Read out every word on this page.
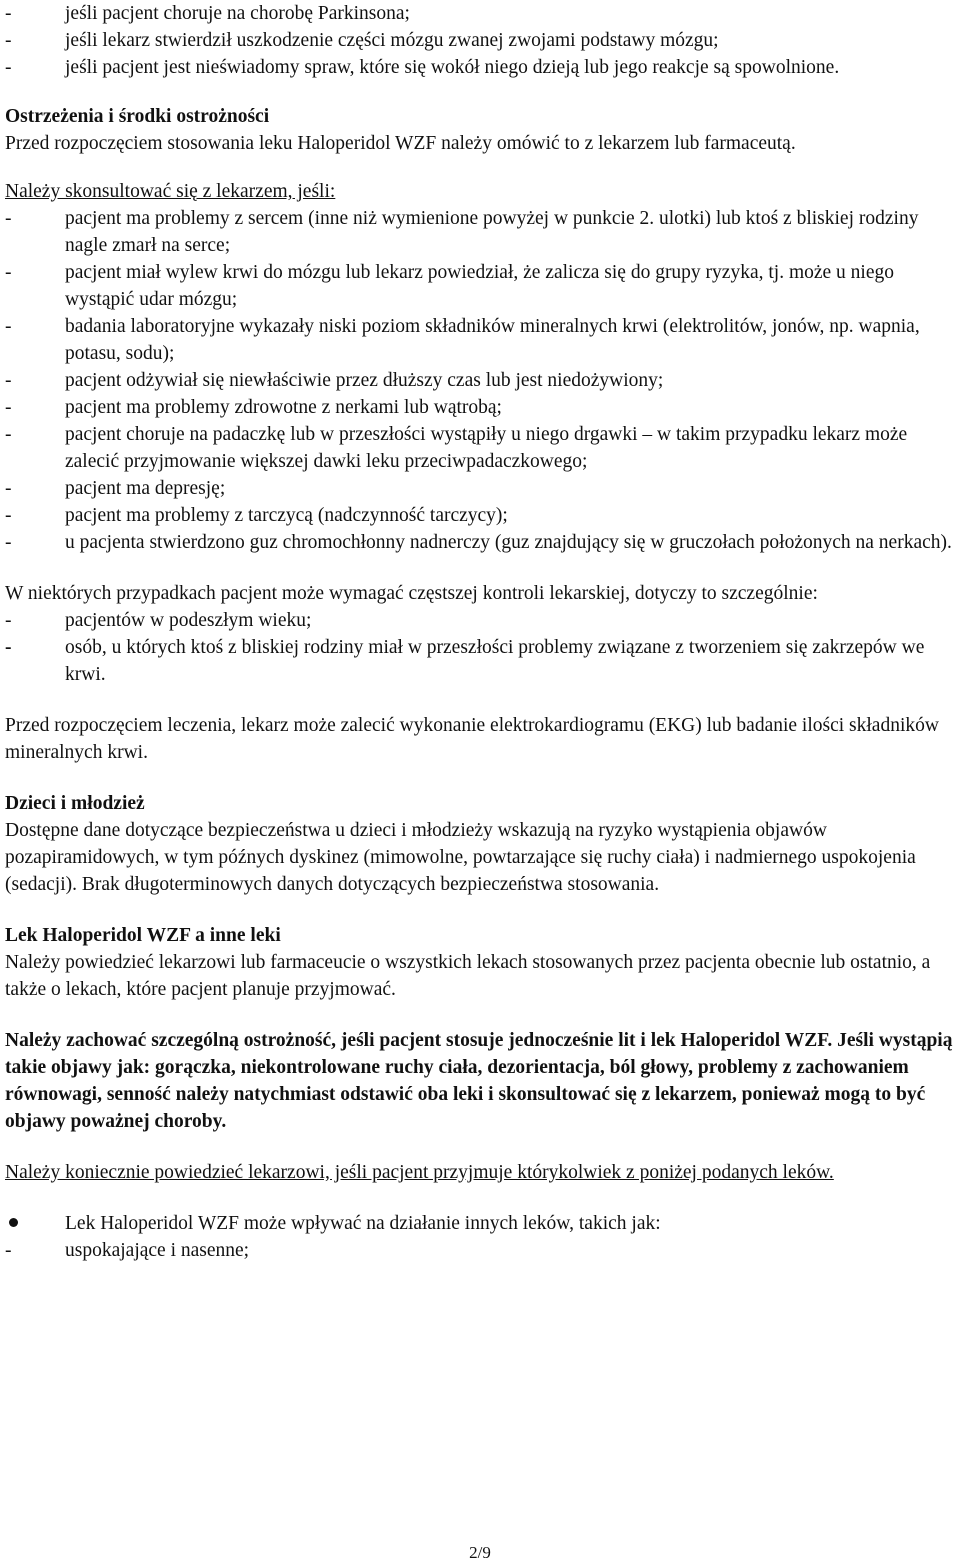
-	jeśli pacjent choruje na chorobę Parkinsona;
-	jeśli lekarz stwierdził uszkodzenie części mózgu zwanej zwojami podstawy mózgu;
-	jeśli pacjent jest nieświadomy spraw, które się wokół niego dzieją lub jego reakcje są spowolnione.
Ostrzeżenia i środki ostrożności
Przed rozpoczęciem stosowania leku Haloperidol WZF należy omówić to z lekarzem lub farmaceutą.
Należy skonsultować się z lekarzem, jeśli:
-	pacjent ma problemy z sercem (inne niż wymienione powyżej w punkcie 2. ulotki) lub ktoś z bliskiej rodziny nagle zmarł na serce;
-	pacjent miał wylew krwi do mózgu lub lekarz powiedział, że zalicza się do grupy ryzyka, tj. może u niego wystąpić udar mózgu;
-	badania laboratoryjne wykazały niski poziom składników mineralnych krwi (elektrolitów, jonów, np. wapnia, potasu, sodu);
-	pacjent odżywiał się niewłaściwie przez dłuższy czas lub jest niedożywiony;
-	pacjent ma problemy zdrowotne z nerkami lub wątrobą;
-	pacjent choruje na padaczkę lub w przeszłości wystąpiły u niego drgawki – w takim przypadku lekarz może zalecić przyjmowanie większej dawki leku przeciwpadaczkowego;
-	pacjent ma depresję;
-	pacjent ma problemy z tarczycą (nadczynność tarczycy);
-	u pacjenta stwierdzono guz chromochłonny nadnerczy (guz znajdujący się w gruczołach położonych na nerkach).
W niektórych przypadkach pacjent może wymagać częstszej kontroli lekarskiej, dotyczy to szczególnie:
-	pacjentów w podeszłym wieku;
-	osób, u których ktoś z bliskiej rodziny miał w przeszłości problemy związane z tworzeniem się zakrzepów we krwi.
Przed rozpoczęciem leczenia, lekarz może zalecić wykonanie elektrokardiogramu (EKG) lub badanie ilości składników mineralnych krwi.
Dzieci i młodzież
Dostępne dane dotyczące bezpieczeństwa u dzieci i młodzieży wskazują na ryzyko wystąpienia objawów pozapiramidowych, w tym późnych dyskinez (mimowolne, powtarzające się ruchy ciała) i nadmiernego uspokojenia (sedacji). Brak długoterminowych danych dotyczących bezpieczeństwa stosowania.
Lek Haloperidol WZF a inne leki
Należy powiedzieć lekarzowi lub farmaceucie o wszystkich lekach stosowanych przez pacjenta obecnie lub ostatnio, a także o lekach, które pacjent planuje przyjmować.
Należy zachować szczególną ostrożność, jeśli pacjent stosuje jednocześnie lit i lek Haloperidol WZF. Jeśli wystąpią takie objawy jak: gorączka, niekontrolowane ruchy ciała, dezorientacja, ból głowy, problemy z zachowaniem równowagi, senność należy natychmiast odstawić oba leki i skonsultować się z lekarzem, ponieważ mogą to być objawy poważnej choroby.
Należy koniecznie powiedzieć lekarzowi, jeśli pacjent przyjmuje którykolwiek z poniżej podanych leków.
Lek Haloperidol WZF może wpływać na działanie innych leków, takich jak:
-	uspokajające i nasenne;
2/9
